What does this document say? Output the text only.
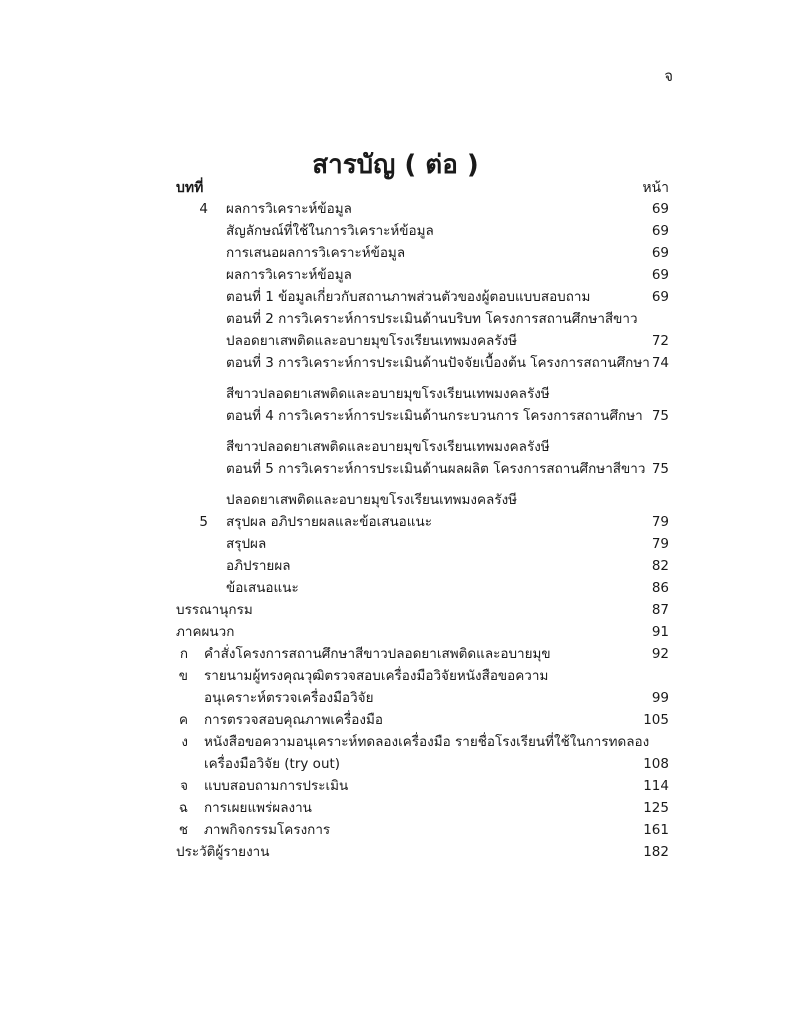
จ
สารบัญ ( ต่อ )
บทที่	หน้า
4 ผลการวิเคราะห์ข้อมูล	69
สัญลักษณ์ที่ใช้ในการวิเคราะห์ข้อมูล	69
การเสนอผลการวิเคราะห์ข้อมูล	69
ผลการวิเคราะห์ข้อมูล	69
ตอนที่ 1 ข้อมูลเกี่ยวกับสถานภาพส่วนตัวของผู้ตอบแบบสอบถาม	69
ตอนที่ 2 การวิเคราะห์การประเมินด้านบริบท โครงการสถานศึกษาสีขาว
ปลอดยาเสพติดและอบายมุขโรงเรียนเทพมงคลรังษี	72
ตอนที่ 3 การวิเคราะห์การประเมินด้านปัจจัยเบื้องต้น โครงการสถานศึกษา 74
สีขาวปลอดยาเสพติดและอบายมุขโรงเรียนเทพมงคลรังษี
ตอนที่ 4 การวิเคราะห์การประเมินด้านกระบวนการ โครงการสถานศึกษา 75
สีขาวปลอดยาเสพติดและอบายมุขโรงเรียนเทพมงคลรังษี
ตอนที่ 5 การวิเคราะห์การประเมินด้านผลผลิต โครงการสถานศึกษาสีขาว 75
ปลอดยาเสพติดและอบายมุขโรงเรียนเทพมงคลรังษี
5 สรุปผล อภิปรายผลและข้อเสนอแนะ	79
สรุปผล	79
อภิปรายผล	82
ข้อเสนอแนะ	86
บรรณานุกรม	87
ภาคผนวก	91
ก คำสั่งโครงการสถานศึกษาสีขาวปลอดยาเสพติดและอบายมุข	92
ข รายนามผู้ทรงคุณวุฒิตรวจสอบเครื่องมือวิจัยหนังสือขอความ
อนุเคราะห์ตรวจเครื่องมือวิจัย	99
ค การตรวจสอบคุณภาพเครื่องมือ	105
ง หนังสือขอความอนุเคราะห์ทดลองเครื่องมือ รายชื่อโรงเรียนที่ใช้ในการทดลอง
เครื่องมือวิจัย (try out)	108
จ แบบสอบถามการประเมิน	114
ฉ การเผยแพร่ผลงาน	125
ช ภาพกิจกรรมโครงการ	161
ประวัติผู้รายงาน	182
